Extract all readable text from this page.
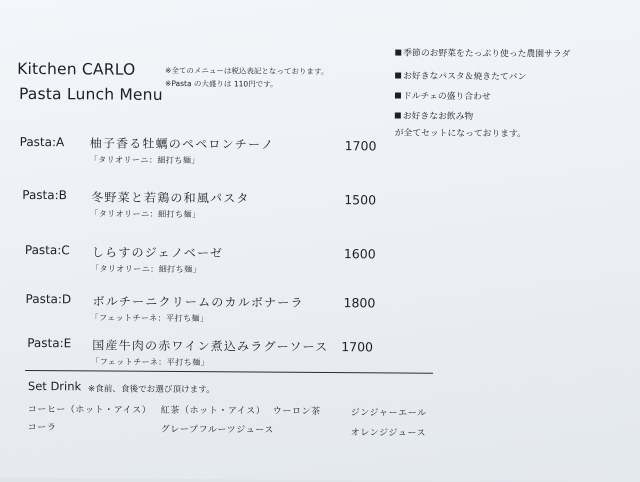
Kitchen CARLO
Pasta Lunch Menu
※全てのメニューは税込表記となっております。
※Pasta の大盛りは 110円です。
季節のお野菜をたっぷり使った農園サラダ
お好きなパスタ＆焼きたてパン
ドルチェの盛り合わせ
お好きなお飲み物
が全てセットになっております。
Pasta:A 柚子香る牡蠣のペペロンチーノ
「タリオリーニ：細打ち麺」
1700
Pasta:B 冬野菜と若鶏の和風パスタ
「タリオリーニ：細打ち麺」
1500
Pasta:C しらすのジェノベーゼ
「タリオリーニ：細打ち麺」
1600
Pasta:D ボルチーニクリームのカルボナーラ
「フェットチーネ：平打ち麺」
1800
Pasta:E 国産牛肉の赤ワイン煮込みラグーソース
「フェットチーネ：平打ち麺」
1700
Set Drink ※食前、食後でお選び頂けます。
コーヒー（ホット・アイス） 紅茶（ホット・アイス） ウーロン茶	ジンジャーエール
コーラ	グレープフルーツジュース	オレンジジュース
